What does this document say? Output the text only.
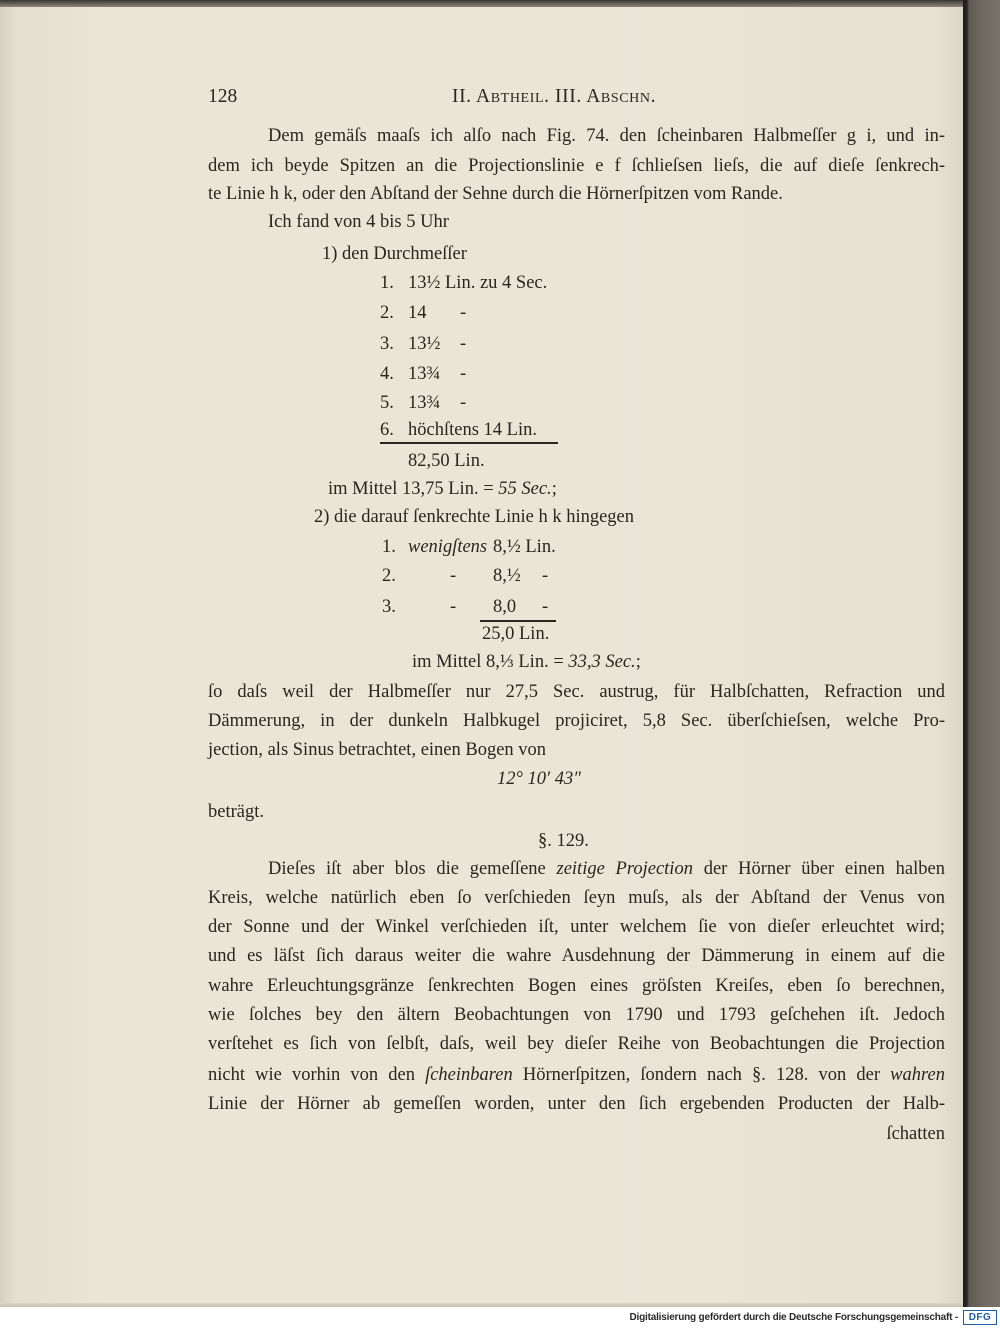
128	II. Abtheil. III. Abschn.
Dem gemäſs maaſs ich alſo nach Fig. 74. den ſcheinbaren Halbmeſſer g i, und in-
dem ich beyde Spitzen an die Projectionslinie e f ſchlieſsen lieſs, die auf dieſe ſenkrech-
te Linie h k, oder den Abſtand der Sehne durch die Hörnerſpitzen vom Rande.
Ich fand von 4 bis 5 Uhr
1) den Durchmeſſer
1. 13½ Lin. zu 4 Sec.
2. 14 -
3. 13½ -
4. 13¾ -
5. 13¾ -
6. höchſtens 14 Lin.
82,50 Lin.
im Mittel 13,75 Lin. = 55 Sec.;
2) die darauf ſenkrechte Linie h k hingegen
1. wenigſtens 8,½ Lin.
2.	- 8,½ -
3.	- 8,0 -
25,0 Lin.
im Mittel 8,⅓ Lin. = 33,3 Sec.;
ſo daſs weil der Halbmeſſer nur 27,5 Sec. austrug, für Halbſchatten, Refraction und
Dämmerung, in der dunkeln Halbkugel projiciret, 5,8 Sec. überſchieſsen, welche Pro-
jection, als Sinus betrachtet, einen Bogen von
12° 10′ 43″
beträgt.
§. 129.
Dieſes iſt aber blos die gemeſſene zeitige Projection der Hörner über einen halben
Kreis, welche natürlich eben ſo verſchieden ſeyn muſs, als der Abſtand der Venus von
der Sonne und der Winkel verſchieden iſt, unter welchem ſie von dieſer erleuchtet wird;
und es läſst ſich daraus weiter die wahre Ausdehnung der Dämmerung in einem auf die
wahre Erleuchtungsgränze ſenkrechten Bogen eines gröſsten Kreiſes, eben ſo berechnen,
wie ſolches bey den ältern Beobachtungen von 1790 und 1793 geſchehen iſt. Jedoch
verſtehet es ſich von ſelbſt, daſs, weil bey dieſer Reihe von Beobachtungen die Projection
nicht wie vorhin von den ſcheinbaren Hörnerſpitzen, ſondern nach §. 128. von der wahren
Linie der Hörner ab gemeſſen worden, unter den ſich ergebenden Producten der Halb-
ſchatten
Digitalisierung gefördert durch die Deutsche Forschungsgemeinschaft -	DFG
